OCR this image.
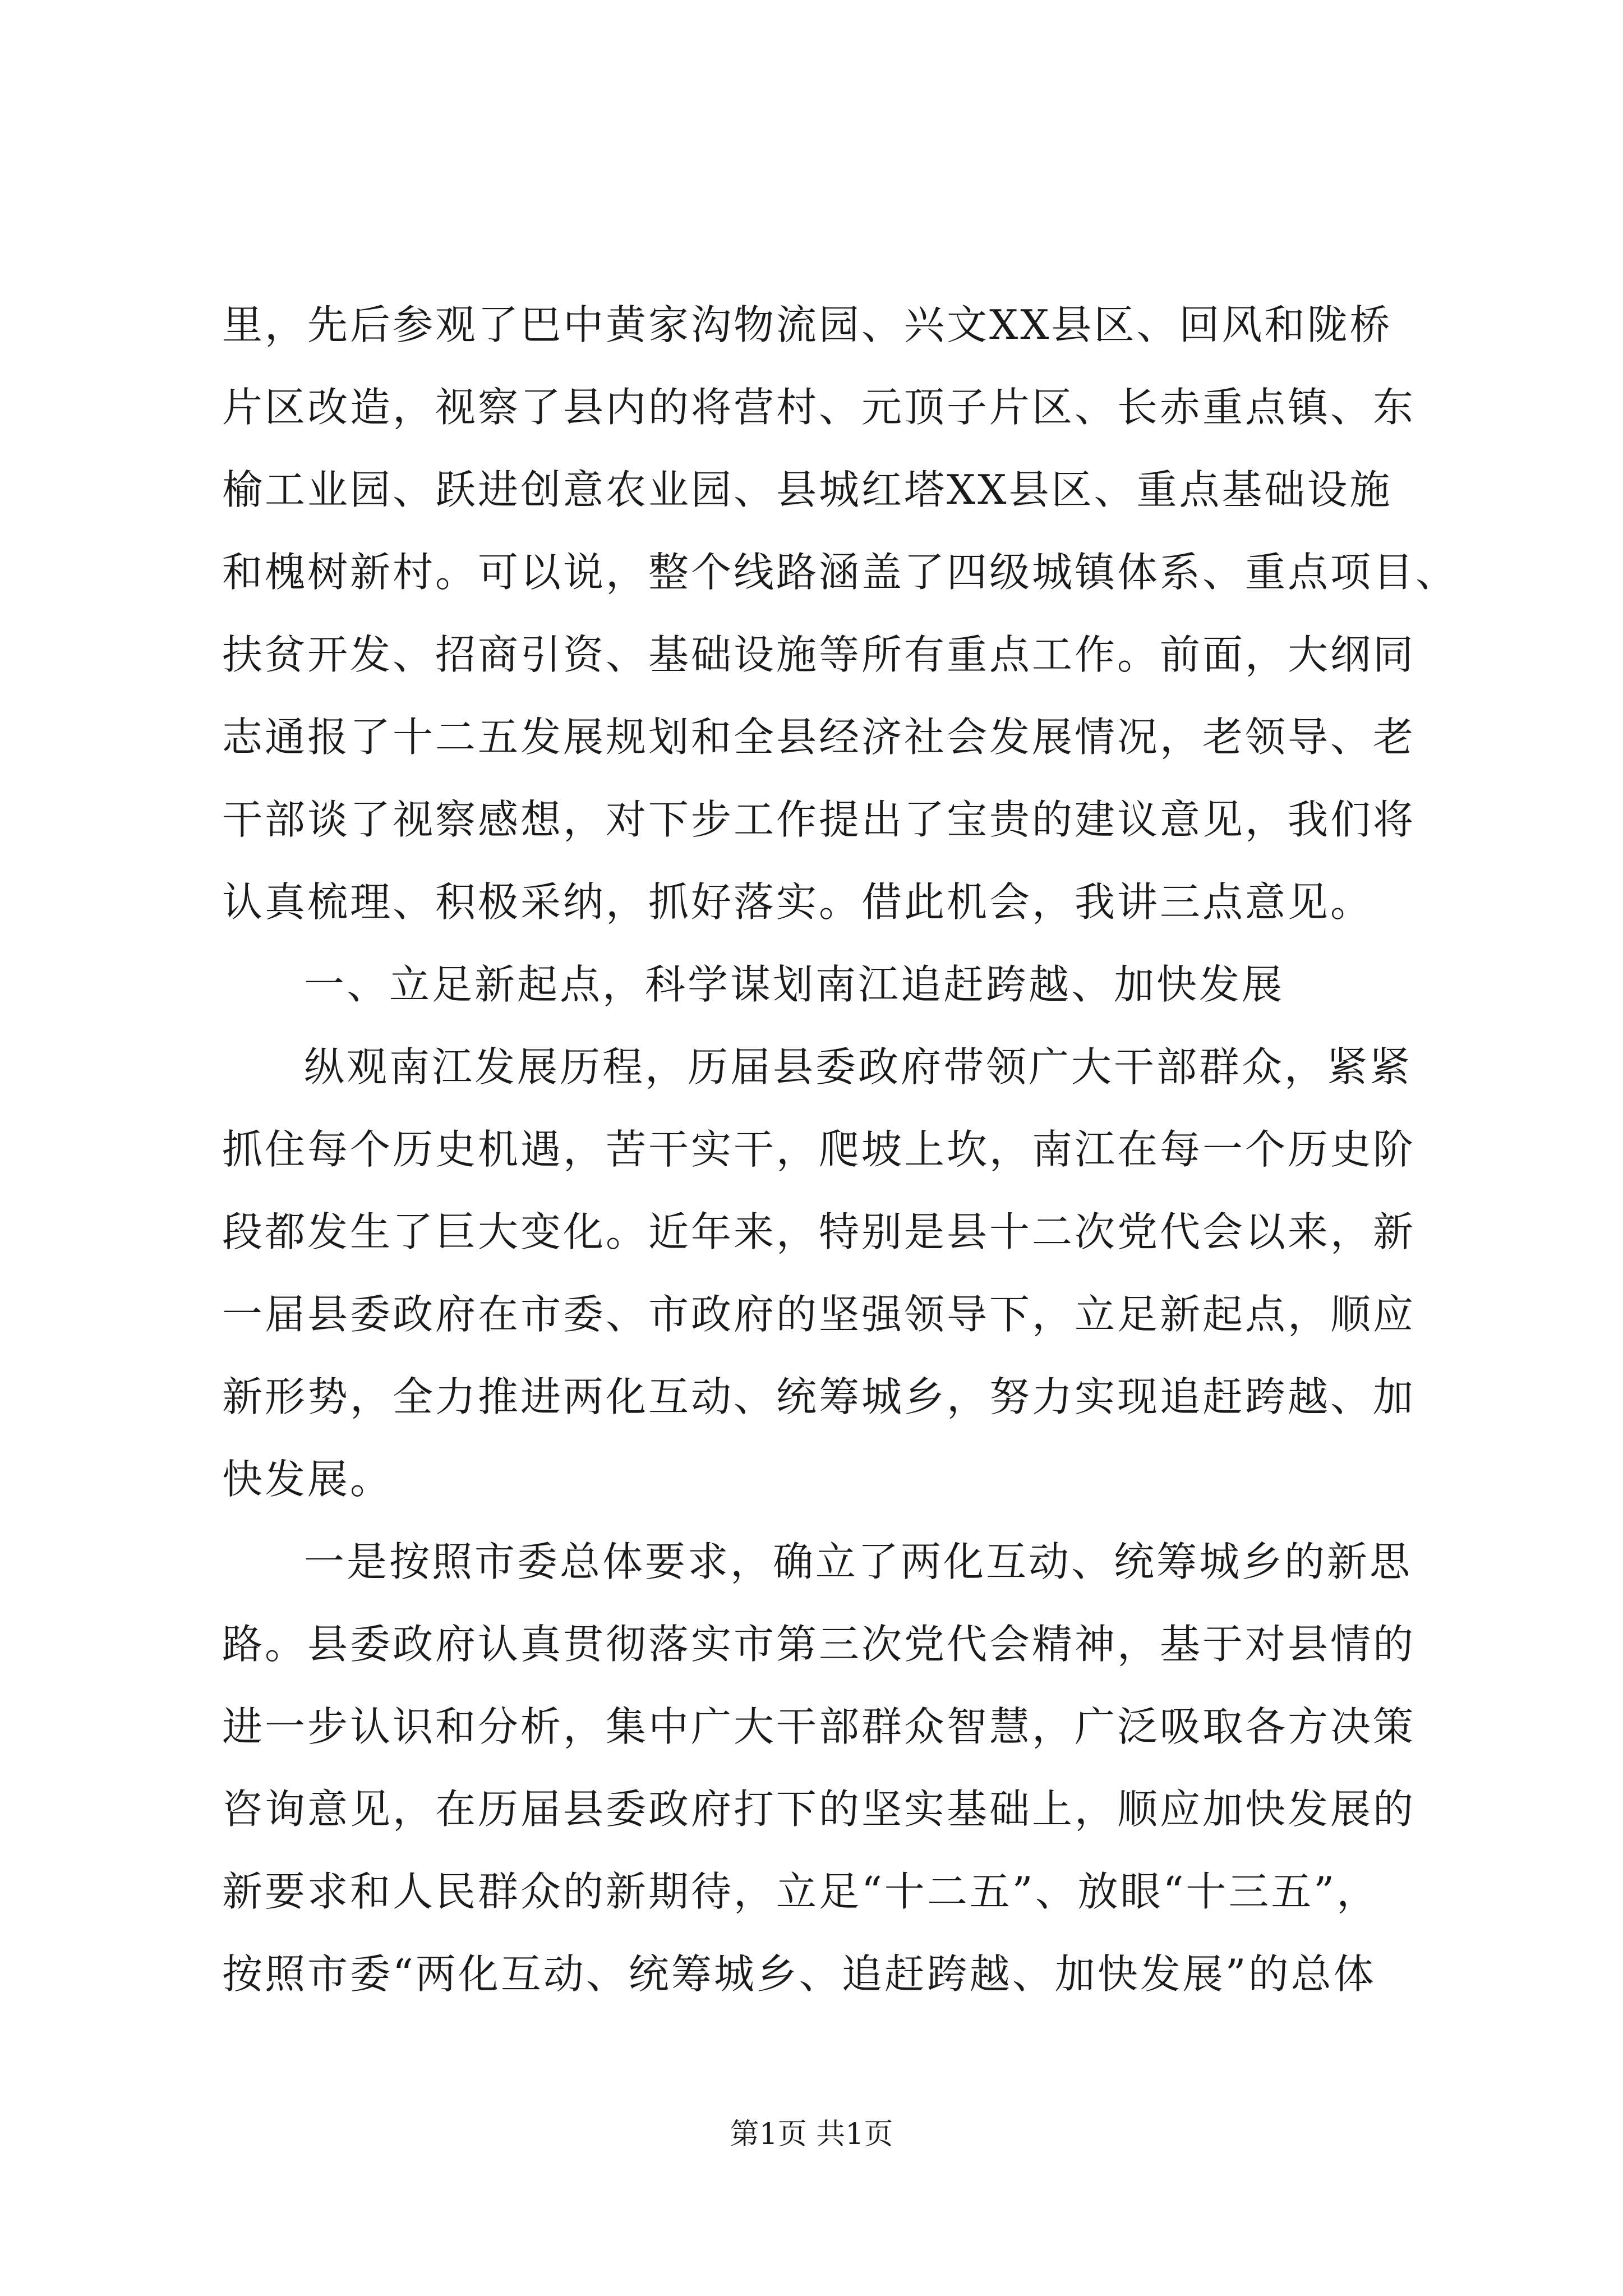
里，先后参观了巴中黄家沟物流园、兴文XX县区、回风和陇桥
片区改造，视察了县内的将营村、元顶子片区、长赤重点镇、东
榆工业园、跃进创意农业园、县城红塔XX县区、重点基础设施
和槐树新村。可以说，整个线路涵盖了四级城镇体系、重点项目、
扶贫开发、招商引资、基础设施等所有重点工作。前面，大纲同
志通报了十二五发展规划和全县经济社会发展情况，老领导、老
干部谈了视察感想，对下步工作提出了宝贵的建议意见，我们将
认真梳理、积极采纳，抓好落实。借此机会，我讲三点意见。
一、立足新起点，科学谋划南江追赶跨越、加快发展
纵观南江发展历程，历届县委政府带领广大干部群众，紧紧
抓住每个历史机遇，苦干实干，爬坡上坎，南江在每一个历史阶
段都发生了巨大变化。近年来，特别是县十二次党代会以来，新
一届县委政府在市委、市政府的坚强领导下，立足新起点，顺应
新形势，全力推进两化互动、统筹城乡，努力实现追赶跨越、加
快发展。
一是按照市委总体要求，确立了两化互动、统筹城乡的新思
路。县委政府认真贯彻落实市第三次党代会精神，基于对县情的
进一步认识和分析，集中广大干部群众智慧，广泛吸取各方决策
咨询意见，在历届县委政府打下的坚实基础上，顺应加快发展的
新要求和人民群众的新期待，立足“十二五”、放眼“十三五”，
按照市委“两化互动、统筹城乡、追赶跨越、加快发展”的总体
第1页 共1页
